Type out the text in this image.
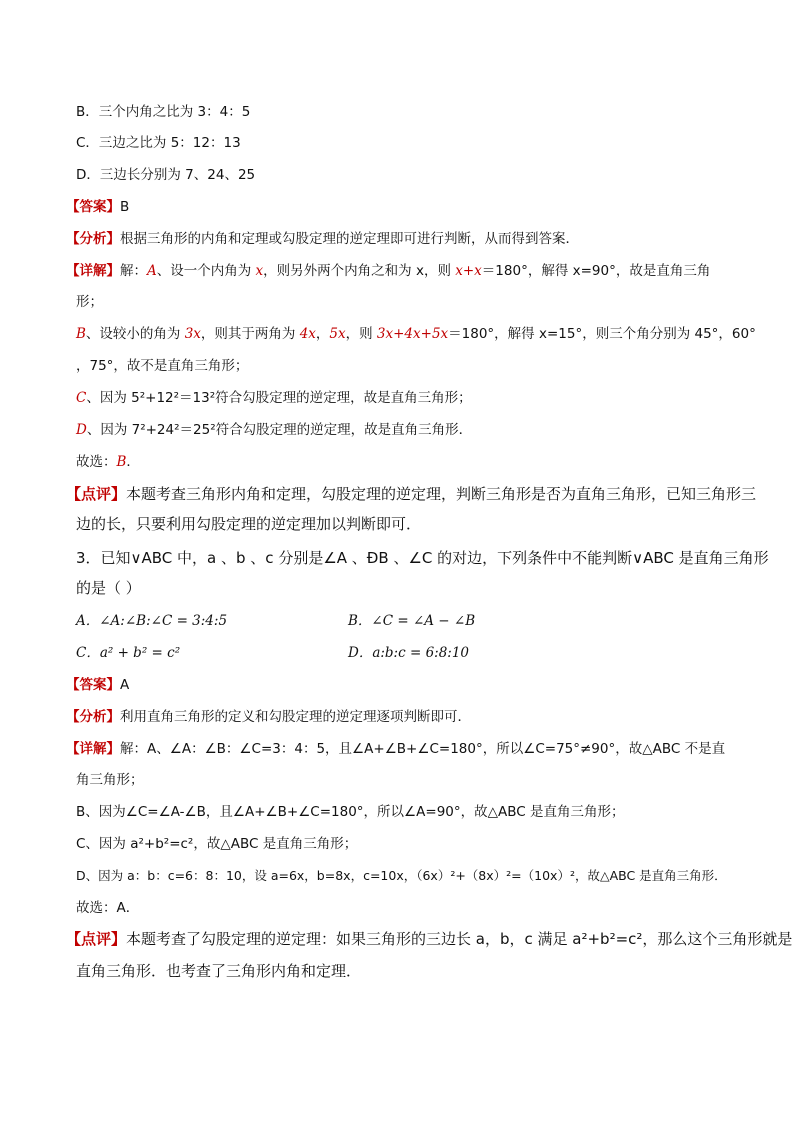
B．三个内角之比为 3：4：5
C．三边之比为 5：12：13
D．三边长分别为 7、24、25
【答案】B
【分析】根据三角形的内角和定理或勾股定理的逆定理即可进行判断，从而得到答案．
【详解】解：A、设一个内角为 x，则另外两个内角之和为 x，则 x+x＝180°，解得 x=90°，故是直角三角
形；
B、设较小的角为 3x，则其于两角为 4x，5x，则 3x+4x+5x＝180°，解得 x=15°，则三个角分别为 45°，60°
，75°，故不是直角三角形；
C、因为 5²+12²＝13²符合勾股定理的逆定理，故是直角三角形；
D、因为 7²+24²＝25²符合勾股定理的逆定理，故是直角三角形．
故选：B．
【点评】本题考查三角形内角和定理，勾股定理的逆定理，判断三角形是否为直角三角形，已知三角形三
边的长，只要利用勾股定理的逆定理加以判断即可．
3．已知∨ABC 中，a 、b 、c 分别是∠A 、ÐB 、∠C 的对边，下列条件中不能判断∨ABC 是直角三角形
的是（ ）
A．∠A:∠B:∠C = 3:4:5	B．∠C = ∠A − ∠B
C．a² + b² = c²	D．a:b:c = 6:8:10
【答案】A
【分析】利用直角三角形的定义和勾股定理的逆定理逐项判断即可．
【详解】解：A、∠A：∠B：∠C=3：4：5，且∠A+∠B+∠C=180°，所以∠C=75°≠90°，故△ABC 不是直
角三角形；
B、因为∠C=∠A-∠B，且∠A+∠B+∠C=180°，所以∠A=90°，故△ABC 是直角三角形；
C、因为 a²+b²=c²，故△ABC 是直角三角形；
D、因为 a：b：c=6：8：10，设 a=6x，b=8x，c=10x，（6x）²+（8x）²=（10x）²，故△ABC 是直角三角形．
故选：A．
【点评】本题考查了勾股定理的逆定理：如果三角形的三边长 a，b，c 满足 a²+b²=c²，那么这个三角形就是
直角三角形．也考查了三角形内角和定理．
